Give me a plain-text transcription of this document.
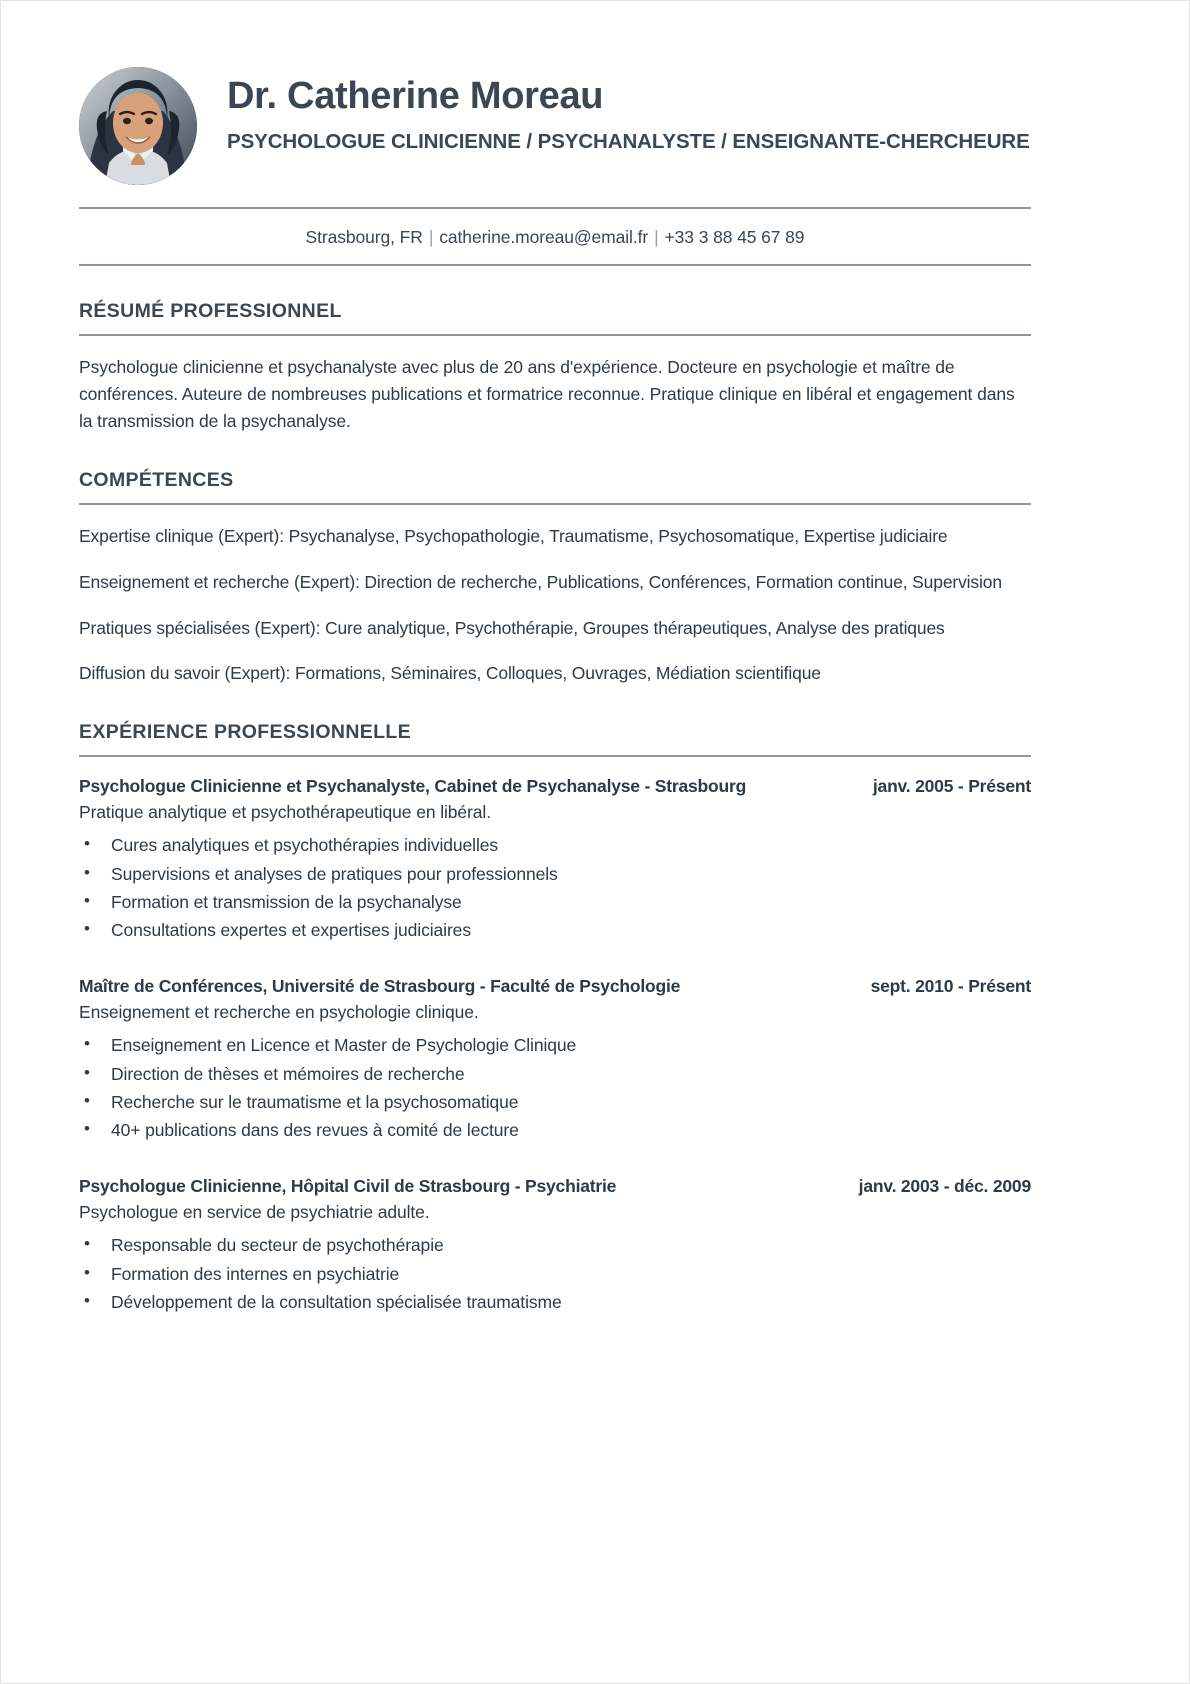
Dr. Catherine Moreau
PSYCHOLOGUE CLINICIENNE / PSYCHANALYSTE / ENSEIGNANTE-CHERCHEURE
Strasbourg, FR | catherine.moreau@email.fr | +33 3 88 45 67 89
RÉSUMÉ PROFESSIONNEL

Psychologue clinicienne et psychanalyste avec plus de 20 ans d'expérience. Docteure en psychologie et maître de conférences. Auteure de nombreuses publications et formatrice reconnue. Pratique clinique en libéral et engagement dans la transmission de la psychanalyse.

COMPÉTENCES
Expertise clinique (Expert): Psychanalyse, Psychopathologie, Traumatisme, Psychosomatique, Expertise judiciaire
Enseignement et recherche (Expert): Direction de recherche, Publications, Conférences, Formation continue, Supervision
Pratiques spécialisées (Expert): Cure analytique, Psychothérapie, Groupes thérapeutiques, Analyse des pratiques
Diffusion du savoir (Expert): Formations, Séminaires, Colloques, Ouvrages, Médiation scientifique
EXPÉRIENCE PROFESSIONNELLE
Psychologue Clinicienne et Psychanalyste, Cabinet de Psychanalyse - Strasbourg	janv. 2005 - Présent

Pratique analytique et psychothérapeutique en libéral.

• Cures analytiques et psychothérapies individuelles
• Supervisions et analyses de pratiques pour professionnels
• Formation et transmission de la psychanalyse
• Consultations expertes et expertises judiciaires
Maître de Conférences, Université de Strasbourg - Faculté de Psychologie	sept. 2010 - Présent

Enseignement et recherche en psychologie clinique.

• Enseignement en Licence et Master de Psychologie Clinique
• Direction de thèses et mémoires de recherche
• Recherche sur le traumatisme et la psychosomatique
• 40+ publications dans des revues à comité de lecture
Psychologue Clinicienne, Hôpital Civil de Strasbourg - Psychiatrie	janv. 2003 - déc. 2009

Psychologue en service de psychiatrie adulte.

• Responsable du secteur de psychothérapie
• Formation des internes en psychiatrie
• Développement de la consultation spécialisée traumatisme
